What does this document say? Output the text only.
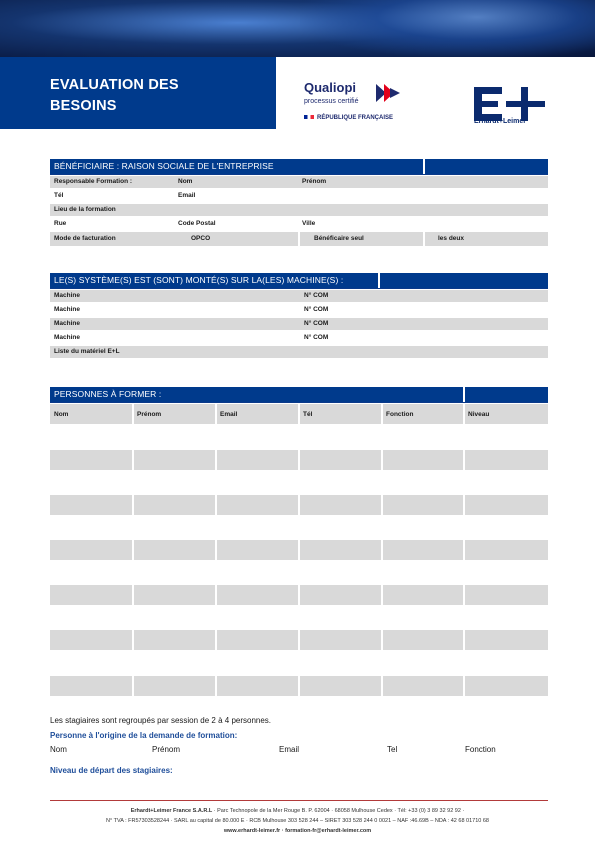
EVALUATION DES
BESOINS
Qualiopi
processus certifié
RÉPUBLIQUE FRANÇAISE	Erhardt+Leimer
BÉNÉFICIAIRE : RAISON SOCIALE DE L'ENTREPRISE
Responsable Formation :	Nom	Prénom
Tél	Email
Lieu de la formation
Rue	Code Postal	Ville
Mode de facturation	OPCO	Bénéficaire seul	les deux
LE(S) SYSTÈME(S) EST (SONT) MONTÉ(S) SUR LA(LES) MACHINE(S) :
Machine	N° COM
Machine	N° COM
Machine	N° COM
Machine	N° COM
Liste du matériel E+L
PERSONNES À FORMER :
Nom	Prénom	Email	Tél	Fonction	Niveau
Les stagiaires sont regroupés par session de 2 à 4 personnes.
Personne à l'origine de la demande de formation:
Nom	Prénom	Email	Tel	Fonction
Niveau de départ des stagiaires:
Erhardt+Leimer France S.A.R.L · Parc Technopole de la Mer Rouge B. P. 62004 · 68058 Mulhouse Cedex · Tél: +33 (0) 3 89 32 92 92 ·
N° TVA : FR57303528244 · SARL au capital de 80.000 E · RCB Mulhouse 303 528 244 – SIRET 303 528 244 0 0021 – NAF :46.69B – NDA : 42 68 01710 68
www.erhardt-leimer.fr · formation-fr@erhardt-leimer.com
